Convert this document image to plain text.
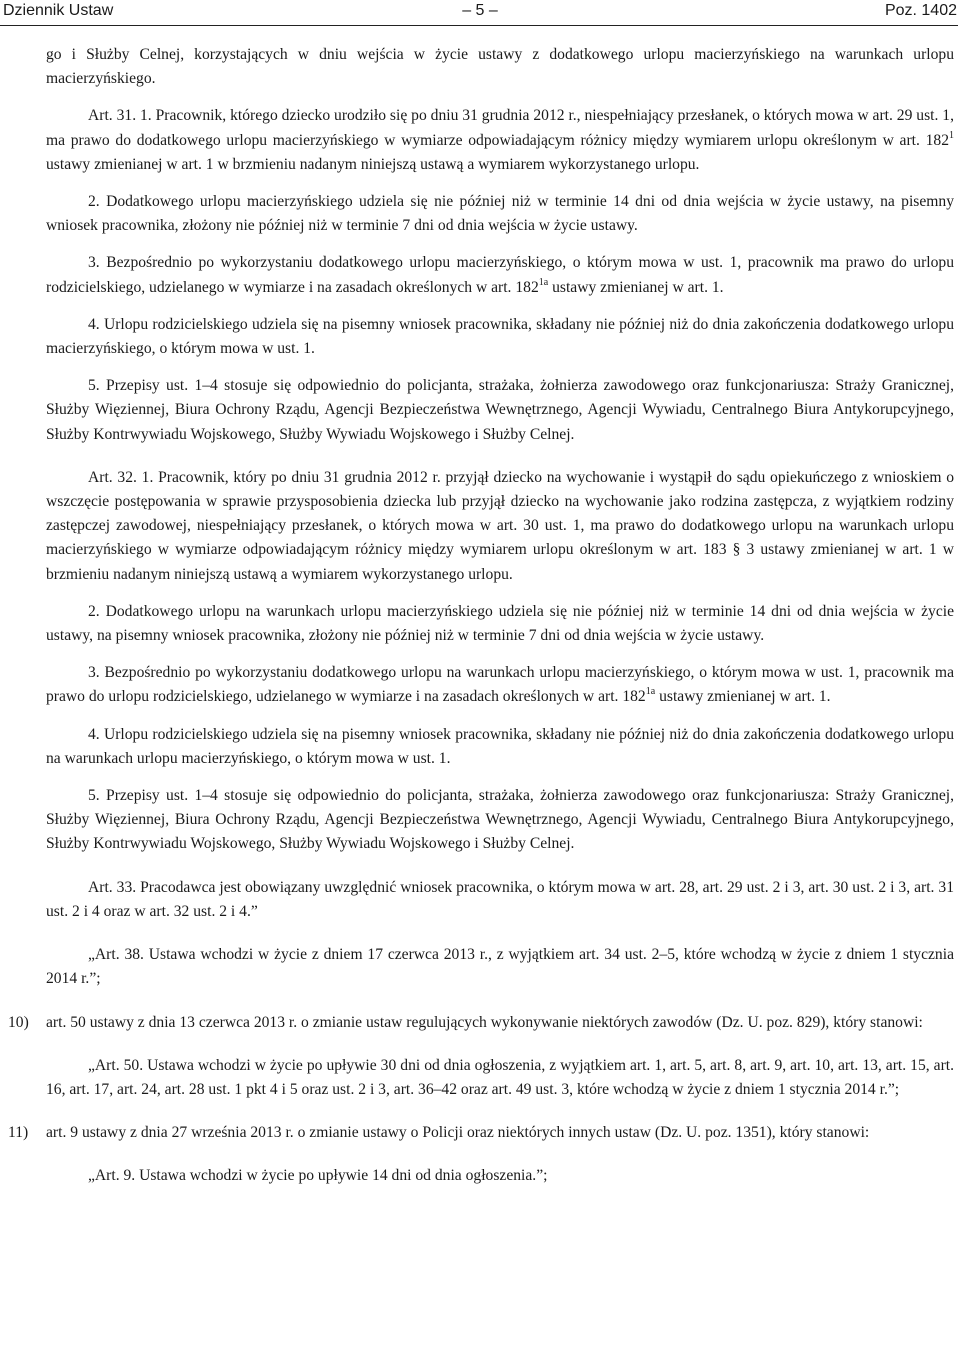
Dziennik Ustaw	– 5 –	Poz. 1402

go i Służby Celnej, korzystających w dniu wejścia w życie ustawy z dodatkowego urlopu macierzyńskiego na warunkach urlopu macierzyńskiego.

Art. 31. 1. Pracownik, którego dziecko urodziło się po dniu 31 grudnia 2012 r., niespełniający przesłanek, o których mowa w art. 29 ust. 1, ma prawo do dodatkowego urlopu macierzyńskiego w wymiarze odpowiadającym różnicy między wymiarem urlopu określonym w art. $182^1$ ustawy zmienianej w art. 1 w brzmieniu nadanym niniejszą ustawą a wymiarem wykorzystanego urlopu.

2. Dodatkowego urlopu macierzyńskiego udziela się nie później niż w terminie 14 dni od dnia wejścia w życie ustawy, na pisemny wniosek pracownika, złożony nie później niż w terminie 7 dni od dnia wejścia w życie ustawy.

3. Bezpośrednio po wykorzystaniu dodatkowego urlopu macierzyńskiego, o którym mowa w ust. 1, pracownik ma prawo do urlopu rodzicielskiego, udzielanego w wymiarze i na zasadach określonych w art. $182^{1a}$ ustawy zmienianej w art. 1.

4. Urlopu rodzicielskiego udziela się na pisemny wniosek pracownika, składany nie później niż do dnia zakończenia dodatkowego urlopu macierzyńskiego, o którym mowa w ust. 1.

5. Przepisy ust. 1–4 stosuje się odpowiednio do policjanta, strażaka, żołnierza zawodowego oraz funkcjonariusza: Straży Granicznej, Służby Więziennej, Biura Ochrony Rządu, Agencji Bezpieczeństwa Wewnętrznego, Agencji Wywiadu, Centralnego Biura Antykorupcyjnego, Służby Kontrwywiadu Wojskowego, Służby Wywiadu Wojskowego i Służby Celnej.

Art. 32. 1. Pracownik, który po dniu 31 grudnia 2012 r. przyjął dziecko na wychowanie i wystąpił do sądu opiekuńczego z wnioskiem o wszczęcie postępowania w sprawie przysposobienia dziecka lub przyjął dziecko na wychowanie jako rodzina zastępcza, z wyjątkiem rodziny zastępczej zawodowej, niespełniający przesłanek, o których mowa w art. 30 ust. 1, ma prawo do dodatkowego urlopu na warunkach urlopu macierzyńskiego w wymiarze odpowiadającym różnicy między wymiarem urlopu określonym w art. 183 § 3 ustawy zmienianej w art. 1 w brzmieniu nadanym niniejszą ustawą a wymiarem wykorzystanego urlopu.

2. Dodatkowego urlopu na warunkach urlopu macierzyńskiego udziela się nie później niż w terminie 14 dni od dnia wejścia w życie ustawy, na pisemny wniosek pracownika, złożony nie później niż w terminie 7 dni od dnia wejścia w życie ustawy.

3. Bezpośrednio po wykorzystaniu dodatkowego urlopu na warunkach urlopu macierzyńskiego, o którym mowa w ust. 1, pracownik ma prawo do urlopu rodzicielskiego, udzielanego w wymiarze i na zasadach określonych w art. $182^{1a}$ ustawy zmienianej w art. 1.

4. Urlopu rodzicielskiego udziela się na pisemny wniosek pracownika, składany nie później niż do dnia zakończenia dodatkowego urlopu na warunkach urlopu macierzyńskiego, o którym mowa w ust. 1.

5. Przepisy ust. 1–4 stosuje się odpowiednio do policjanta, strażaka, żołnierza zawodowego oraz funkcjonariusza: Straży Granicznej, Służby Więziennej, Biura Ochrony Rządu, Agencji Bezpieczeństwa Wewnętrznego, Agencji Wywiadu, Centralnego Biura Antykorupcyjnego, Służby Kontrwywiadu Wojskowego, Służby Wywiadu Wojskowego i Służby Celnej.

Art. 33. Pracodawca jest obowiązany uwzględnić wniosek pracownika, o którym mowa w art. 28, art. 29 ust. 2 i 3, art. 30 ust. 2 i 3, art. 31 ust. 2 i 4 oraz w art. 32 ust. 2 i 4.”

„Art. 38. Ustawa wchodzi w życie z dniem 17 czerwca 2013 r., z wyjątkiem art. 34 ust. 2–5, które wchodzą w życie z dniem 1 stycznia 2014 r.”;

10) art. 50 ustawy z dnia 13 czerwca 2013 r. o zmianie ustaw regulujących wykonywanie niektórych zawodów (Dz. U. poz. 829), który stanowi:

„Art. 50. Ustawa wchodzi w życie po upływie 30 dni od dnia ogłoszenia, z wyjątkiem art. 1, art. 5, art. 8, art. 9, art. 10, art. 13, art. 15, art. 16, art. 17, art. 24, art. 28 ust. 1 pkt 4 i 5 oraz ust. 2 i 3, art. 36–42 oraz art. 49 ust. 3, które wchodzą w życie z dniem 1 stycznia 2014 r.”;

11) art. 9 ustawy z dnia 27 września 2013 r. o zmianie ustawy o Policji oraz niektórych innych ustaw (Dz. U. poz. 1351), który stanowi:

„Art. 9. Ustawa wchodzi w życie po upływie 14 dni od dnia ogłoszenia.”;
